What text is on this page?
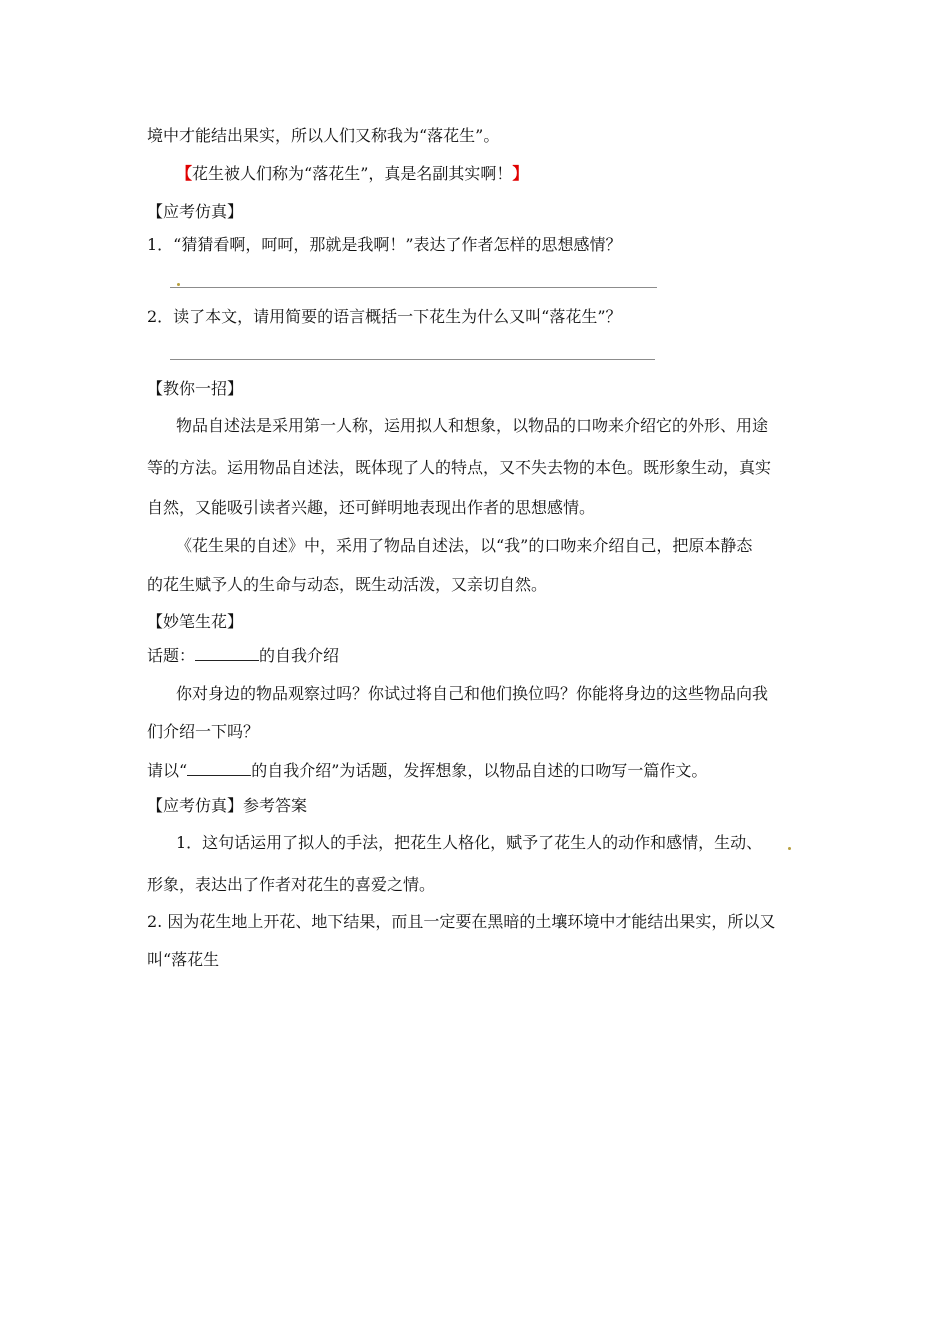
境中才能结出果实，所以人们又称我为“落花生”。
【花生被人们称为“落花生”，真是名副其实啊！】
【应考仿真】
1．“猜猜看啊，呵呵，那就是我啊！”表达了作者怎样的思想感情？
2．读了本文，请用简要的语言概括一下花生为什么又叫“落花生”？
【教你一招】
物品自述法是采用第一人称，运用拟人和想象，以物品的口吻来介绍它的外形、用途
等的方法。运用物品自述法，既体现了人的特点，又不失去物的本色。既形象生动，真实
自然，又能吸引读者兴趣，还可鲜明地表现出作者的思想感情。
《花生果的自述》中，采用了物品自述法，以“我”的口吻来介绍自己，把原本静态
的花生赋予人的生命与动态，既生动活泼，又亲切自然。
【妙笔生花】
话题：	的自我介绍
你对身边的物品观察过吗？你试过将自己和他们换位吗？你能将身边的这些物品向我
们介绍一下吗？
请以“	的自我介绍”为话题，发挥想象，以物品自述的口吻写一篇作文。
【应考仿真】参考答案
1．这句话运用了拟人的手法，把花生人格化，赋予了花生人的动作和感情，生动、
形象，表达出了作者对花生的喜爱之情。
2. 因为花生地上开花、地下结果，而且一定要在黑暗的土壤环境中才能结出果实，所以又
叫“落花生
